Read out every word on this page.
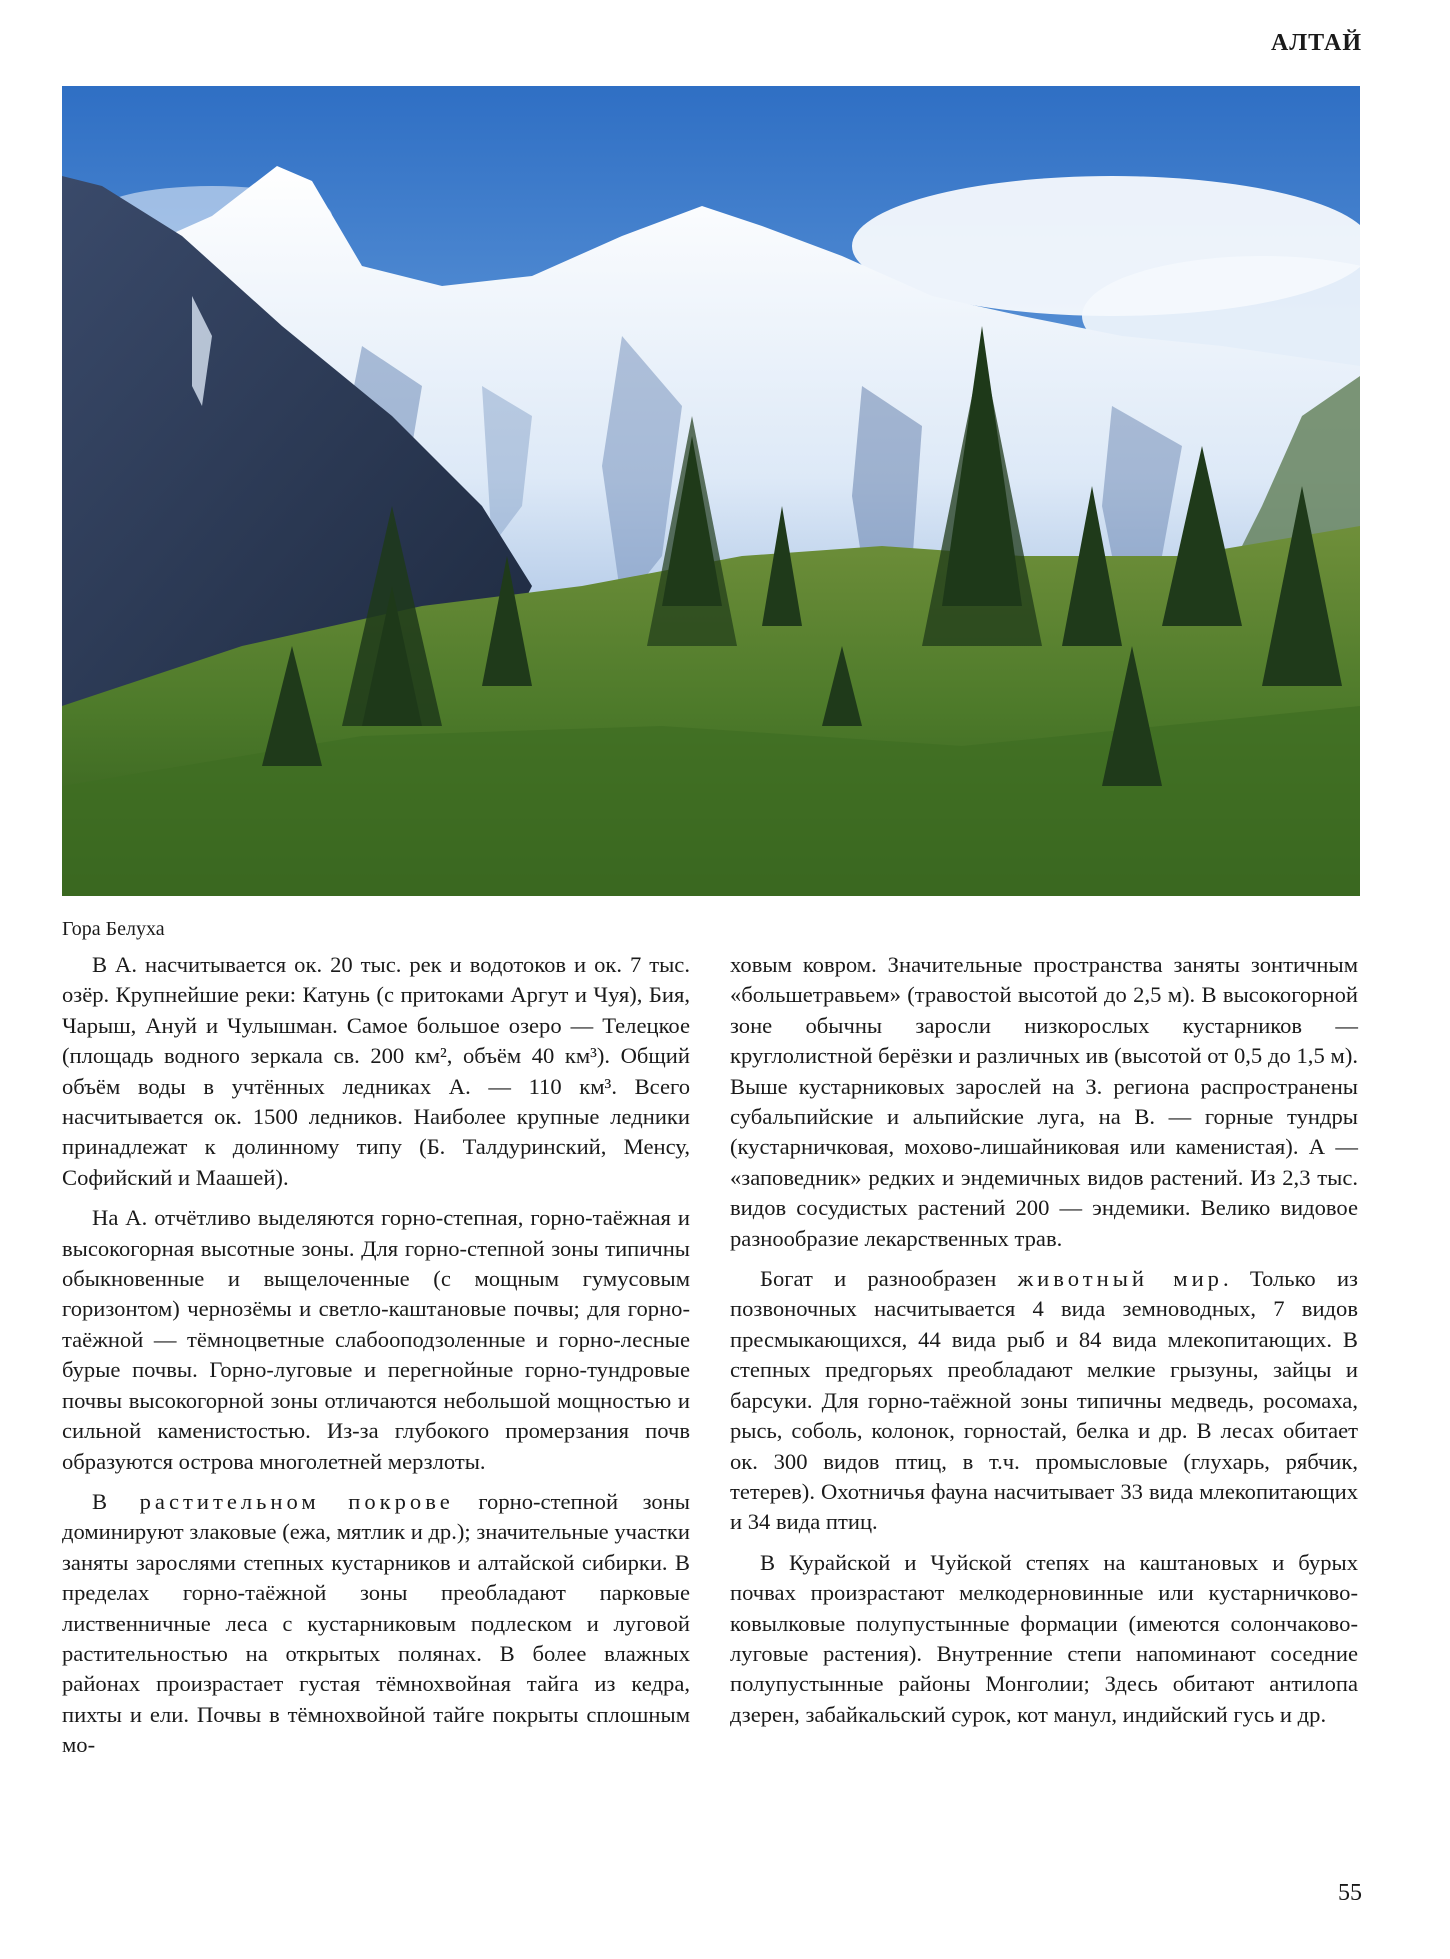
АЛТАЙ
Гора Белуха

В А. насчитывается ок. 20 тыс. рек и водотоков и ок. 7 тыс. озёр. Крупнейшие реки: Катунь (с притоками Аргут и Чуя), Бия, Чарыш, Ануй и Чулышман. Самое большое озеро — Телецкое (площадь водного зеркала св. 200 км², объём 40 км³). Общий объём воды в учтённых ледниках А. — 110 км³. Всего насчитывается ок. 1500 ледников. Наиболее крупные ледники принадлежат к долинному типу (Б. Талдуринский, Менсу, Софийский и Маашей).

На А. отчётливо выделяются горно-степная, горно-таёжная и высокогорная высотные зоны. Для горно-степной зоны типичны обыкновенные и выщелоченные (с мощным гумусовым горизонтом) чернозёмы и светло-каштановые почвы; для горно-таёжной — тёмноцветные слабооподзоленные и горно-лесные бурые почвы. Горно-луговые и перегнойные горно-тундровые почвы высокогорной зоны отличаются небольшой мощностью и сильной каменистостью. Из-за глубокого промерзания почв образуются острова многолетней мерзлоты.

В растительном покрове горно-степной зоны доминируют злаковые (ежа, мятлик и др.); значительные участки заняты зарослями степных кустарников и алтайской сибирки. В пределах горно-таёжной зоны преобладают парковые лиственничные леса с кустарниковым подлеском и луговой растительностью на открытых полянах. В более влажных районах произрастает густая тёмнохвойная тайга из кедра, пихты и ели. Почвы в тёмнохвойной тайге покрыты сплошным мо-

ховым ковром. Значительные пространства заняты зонтичным «большетравьем» (травостой высотой до 2,5 м). В высокогорной зоне обычны заросли низкорослых кустарников — круглолистной берёзки и различных ив (высотой от 0,5 до 1,5 м). Выше кустарниковых зарослей на З. региона распространены субальпийские и альпийские луга, на В. — горные тундры (кустарничковая, мохово-лишайниковая или каменистая). А — «заповедник» редких и эндемичных видов растений. Из 2,3 тыс. видов сосудистых растений 200 — эндемики. Велико видовое разнообразие лекарственных трав.

Богат и разнообразен животный мир. Только из позвоночных насчитывается 4 вида земноводных, 7 видов пресмыкающихся, 44 вида рыб и 84 вида млекопитающих. В степных предгорьях преобладают мелкие грызуны, зайцы и барсуки. Для горно-таёжной зоны типичны медведь, росомаха, рысь, соболь, колонок, горностай, белка и др. В лесах обитает ок. 300 видов птиц, в т.ч. промысловые (глухарь, рябчик, тетерев). Охотничья фауна насчитывает 33 вида млекопитающих и 34 вида птиц.

В Курайской и Чуйской степях на каштановых и бурых почвах произрастают мелкодерновинные или кустарничково-ковылковые полупустынные формации (имеются солончаково-луговые растения). Внутренние степи напоминают соседние полупустынные районы Монголии; Здесь обитают антилопа дзерен, забайкальский сурок, кот манул, индийский гусь и др.

55
